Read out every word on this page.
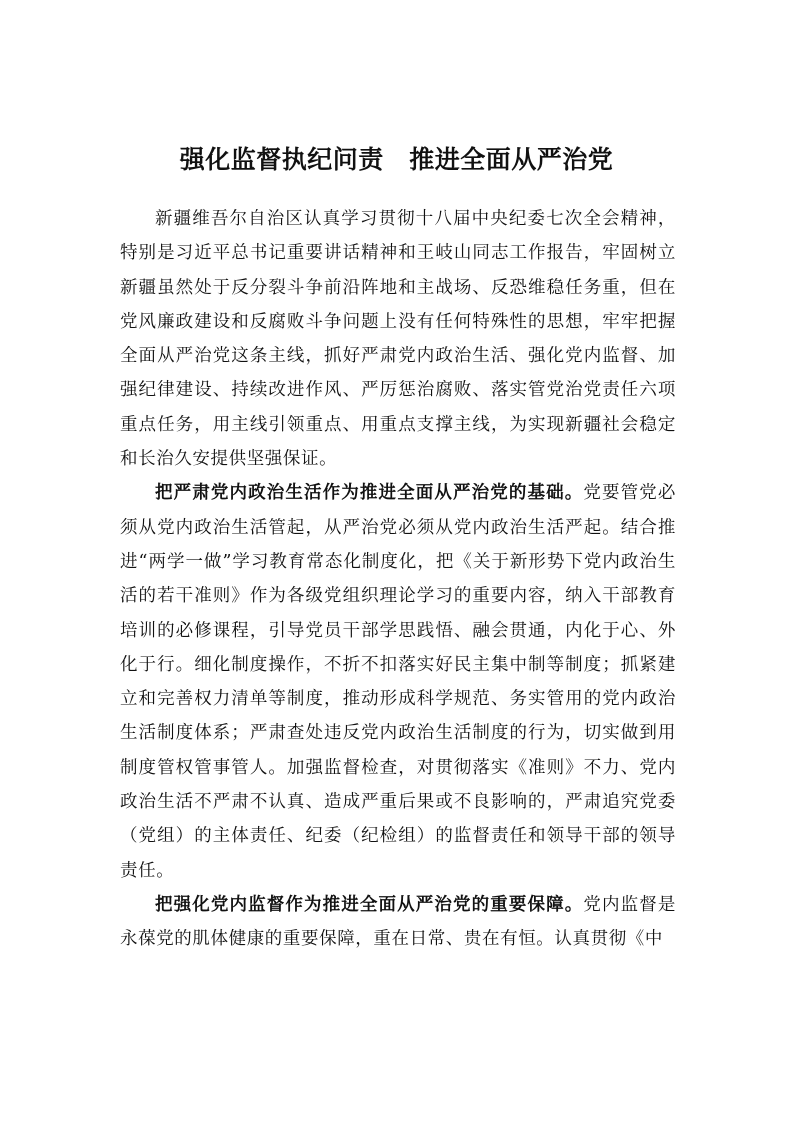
强化监督执纪问责　推进全面从严治党

新疆维吾尔自治区认真学习贯彻十八届中央纪委七次全会精神，特别是习近平总书记重要讲话精神和王岐山同志工作报告，牢固树立新疆虽然处于反分裂斗争前沿阵地和主战场、反恐维稳任务重，但在党风廉政建设和反腐败斗争问题上没有任何特殊性的思想，牢牢把握全面从严治党这条主线，抓好严肃党内政治生活、强化党内监督、加强纪律建设、持续改进作风、严厉惩治腐败、落实管党治党责任六项重点任务，用主线引领重点、用重点支撑主线，为实现新疆社会稳定和长治久安提供坚强保证。

把严肃党内政治生活作为推进全面从严治党的基础。党要管党必须从党内政治生活管起，从严治党必须从党内政治生活严起。结合推进“两学一做”学习教育常态化制度化，把《关于新形势下党内政治生活的若干准则》作为各级党组织理论学习的重要内容，纳入干部教育培训的必修课程，引导党员干部学思践悟、融会贯通，内化于心、外化于行。细化制度操作，不折不扣落实好民主集中制等制度；抓紧建立和完善权力清单等制度，推动形成科学规范、务实管用的党内政治生活制度体系；严肃查处违反党内政治生活制度的行为，切实做到用制度管权管事管人。加强监督检查，对贯彻落实《准则》不力、党内政治生活不严肃不认真、造成严重后果或不良影响的，严肃追究党委（党组）的主体责任、纪委（纪检组）的监督责任和领导干部的领导责任。

把强化党内监督作为推进全面从严治党的重要保障。党内监督是永葆党的肌体健康的重要保障，重在日常、贵在有恒。认真贯彻《中
